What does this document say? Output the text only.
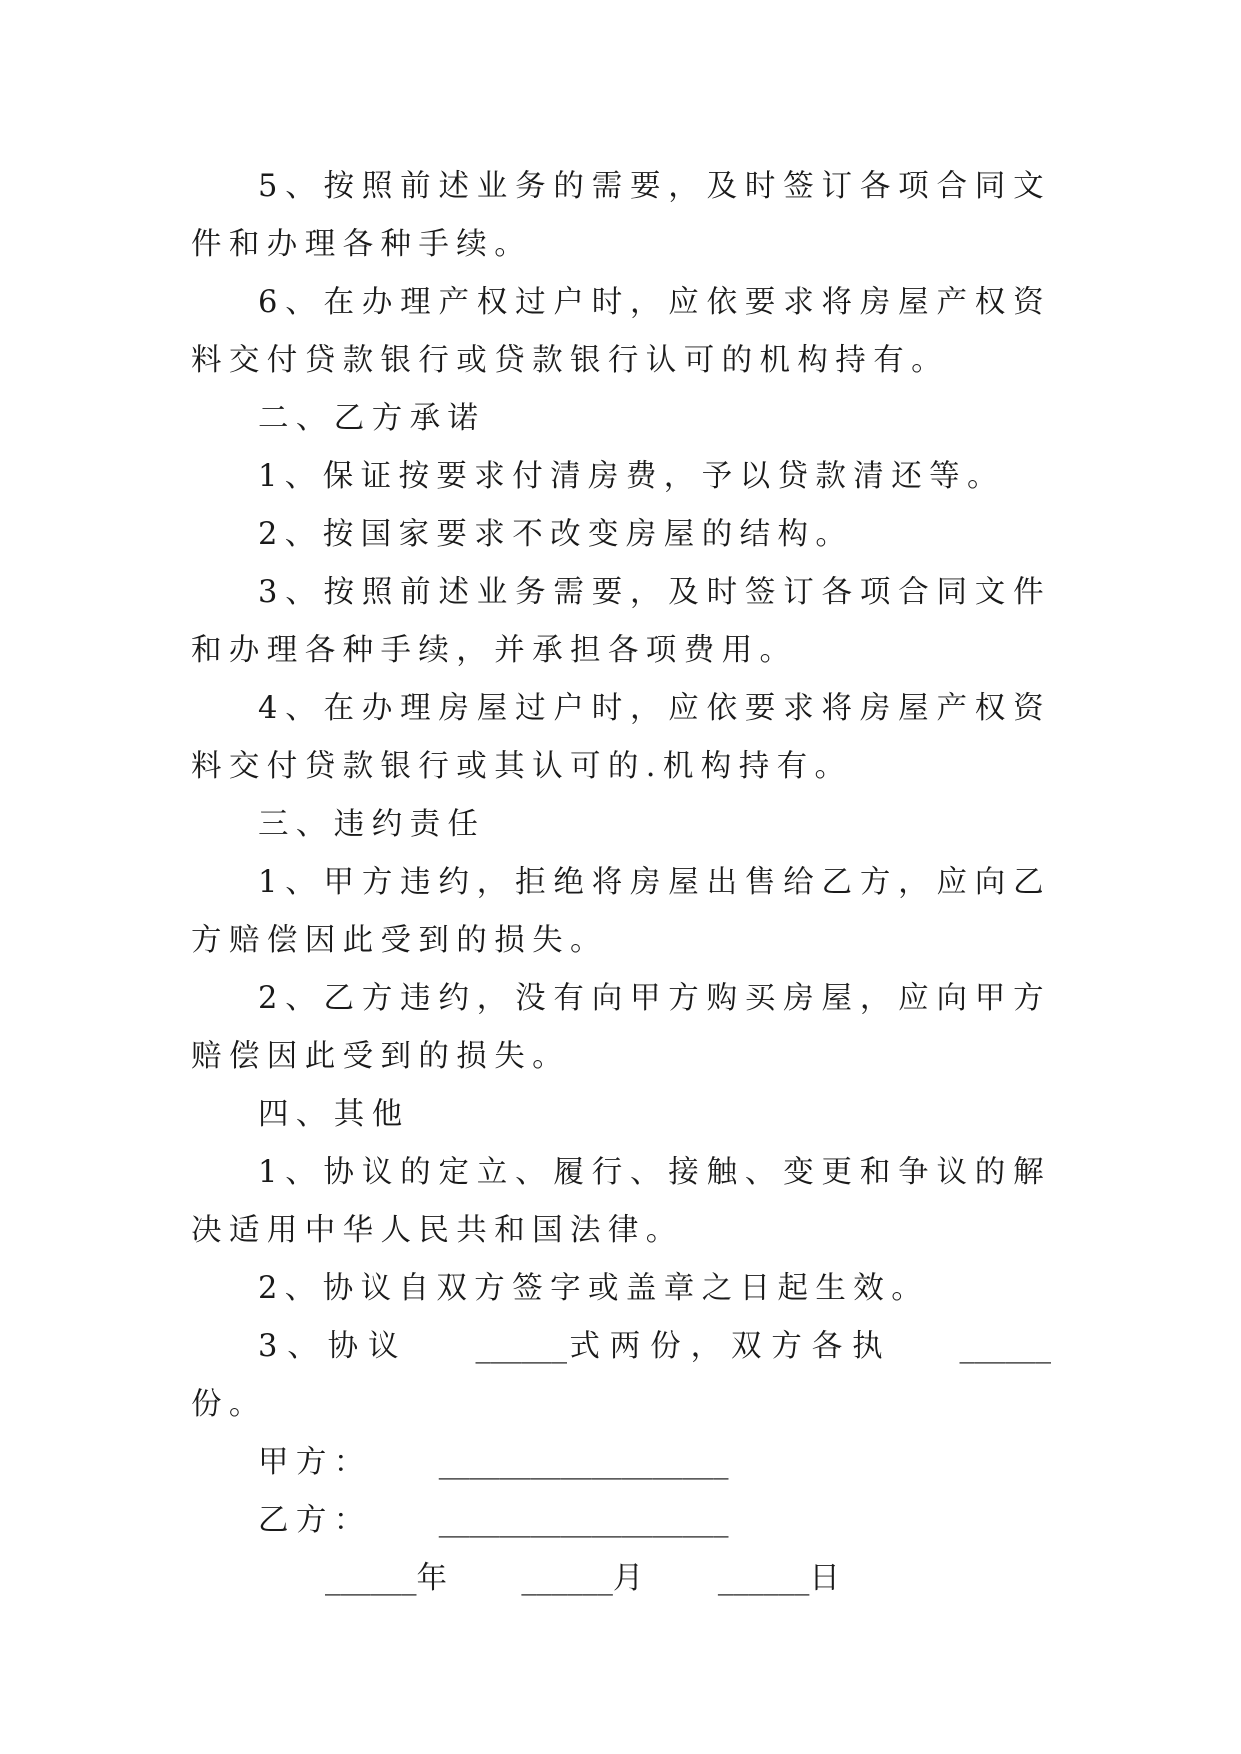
5、按照前述业务的需要，及时签订各项合同文件和办理各种手续。

6、在办理产权过户时，应依要求将房屋产权资料交付贷款银行或贷款银行认可的机构持有。

二、乙方承诺

1、保证按要求付清房费，予以贷款清还等。

2、按国家要求不改变房屋的结构。

3、按照前述业务需要，及时签订各项合同文件和办理各种手续，并承担各项费用。

4、在办理房屋过户时，应依要求将房屋产权资料交付贷款银行或其认可的.机构持有。

三、违约责任

1、甲方违约，拒绝将房屋出售给乙方，应向乙方赔偿因此受到的损失。

2、乙方违约，没有向甲方购买房屋，应向甲方赔偿因此受到的损失。

四、其他

1、协议的定立、履行、接触、变更和争议的解决适用中华人民共和国法律。

2、协议自双方签字或盖章之日起生效。

3、协议 ______式两份，双方各执 ______份。

甲方： ___________________

乙方： ___________________

______年 ______月 ______日
